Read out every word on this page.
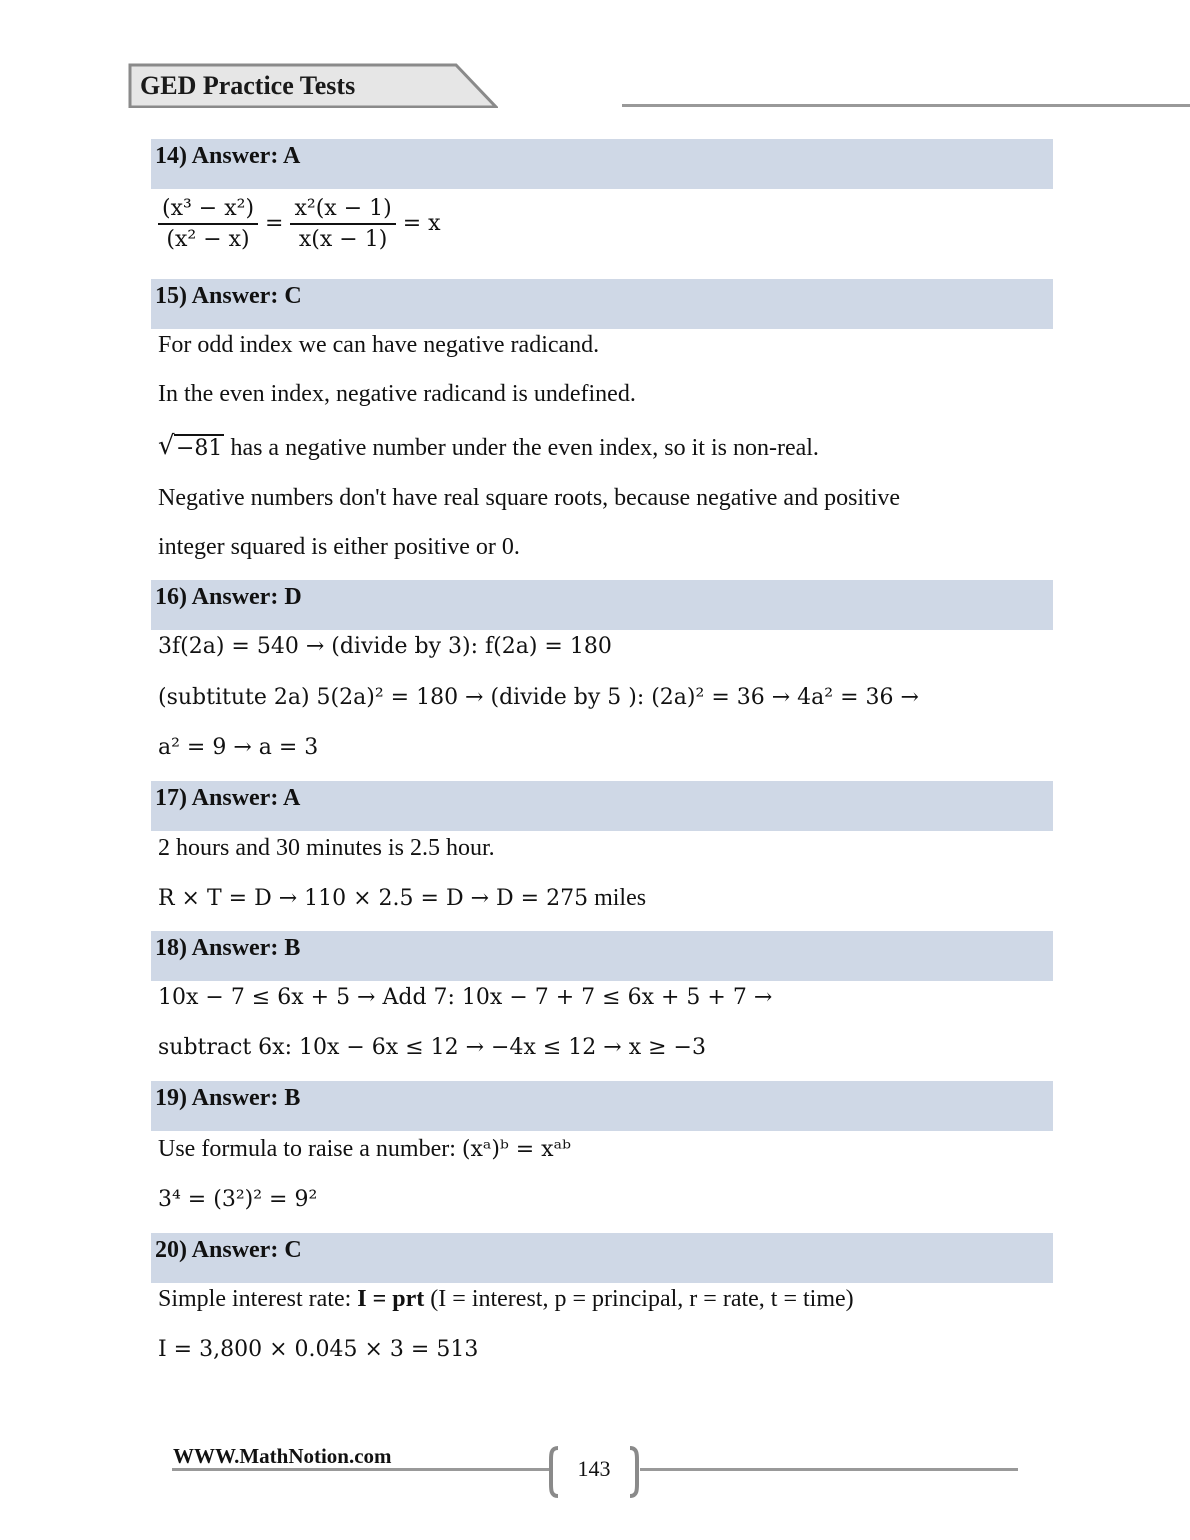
GED Practice Tests
14) Answer: A
$\frac{\text{(x³ − x²)}}{\text{(x² − x)}} = \frac{\text{x²(x − 1)}}{x(x - 1)} = x$
15) Answer: C
For odd index we can have negative radicand.
In the even index, negative radicand is undefined.
√ −81 has a negative number under the even index, so it is non-real.
Negative numbers don't have real square roots, because negative and positive
integer squared is either positive or 0.
16) Answer: D
3f(2a) = 540 → (divide by 3): f(2a) = 180
(subtitute 2a) 5(2a)² = 180 → (divide by 5 ): (2a)² = 36 → 4a² = 36 →
a² = 9 → a = 3
17) Answer: A
2 hours and 30 minutes is 2.5 hour.
R × T = D → 110 × 2.5 = D → D = 275 miles
18) Answer: B
10x − 7 ≤ 6x + 5 → Add 7: 10x − 7 + 7 ≤ 6x + 5 + 7 →
subtract 6x: 10x − 6x ≤ 12 → −4x ≤ 12 → x ≥ −3
19) Answer: B
Use formula to raise a number: (xᵃ)ᵇ = xᵃᵇ
3⁴ = (3²)² = 9²
20) Answer: C
Simple interest rate: I = prt (I = interest, p = principal, r = rate, t = time)
I = 3,800 × 0.045 × 3 = 513
WWW.MathNotion.com	143
